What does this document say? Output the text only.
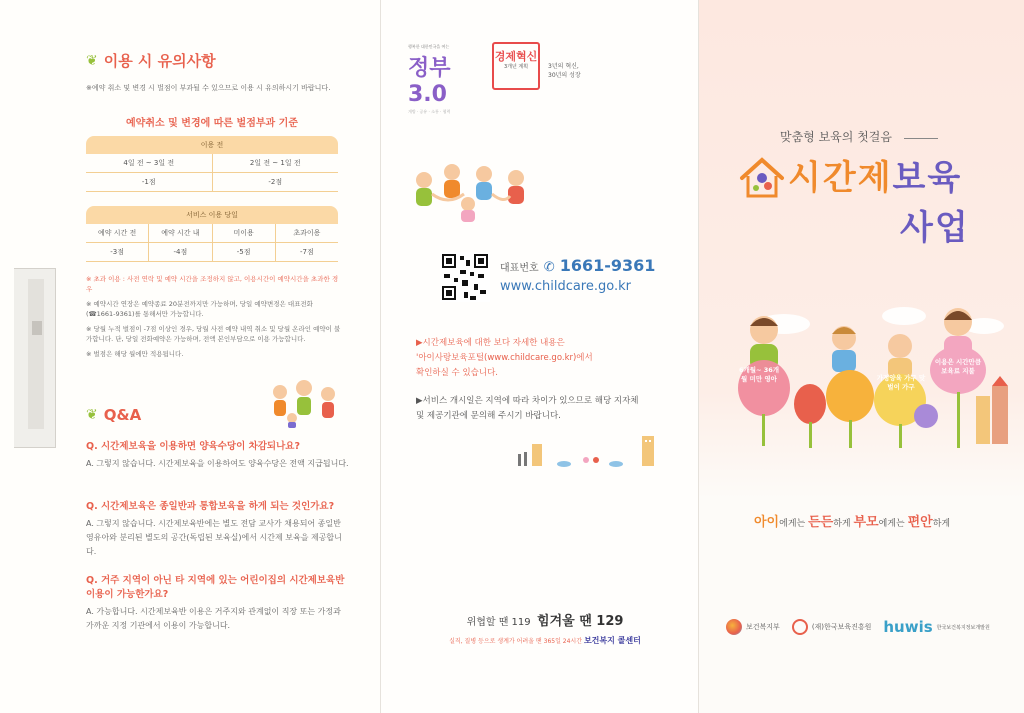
❦ 이용 시 유의사항
※예약 취소 및 변경 시 벌점이 부과될 수 있으므로 이용 시 유의하시기 바랍니다.
예약취소 및 변경에 따른 벌점부과 기준
이용 전
4일 전 ~ 3일 전	2일 전 ~ 1일 전
-1점	-2점
서비스 이용 당일
예약 시간 전	예약 시간 내	미이용	초과이용
-3점	-4점	-5점	-7점

※ 초과 이용 : 사전 연락 및 예약 시간을 조정하지 않고, 이용시간이 예약시간을 초과한 경우

※ 예약시간 연장은 예약종료 20분전까지만 가능하며, 당일 예약변경은 대표전화(☎1661-9361)를 통해서만 가능합니다.

※ 당월 누적 벌점이 -7점 이상인 경우, 당월 사전 예약 내역 취소 및 당월 온라인 예약이 불가합니다. 단, 당일 전화예약은 가능하며, 전액 본인부담으로 이용 가능합니다.

※ 벌점은 해당 월에만 적용됩니다.

❦ Q&A
Q. 시간제보육을 이용하면 양육수당이 차감되나요?
A. 그렇지 않습니다. 시간제보육을 이용하여도 양육수당은 전액 지급됩니다.
Q. 시간제보육은 종일반과 통합보육을 하게 되는 것인가요?
A. 그렇지 않습니다. 시간제보육반에는 별도 전담 교사가 채용되어 종일반 영유아와 분리된 별도의 공간(독립된 보육실)에서 시간제 보육을 제공합니다.
Q. 거주 지역이 아닌 타 지역에 있는 어린이집의 시간제보육반 이용이 가능한가요?
A. 가능합니다. 시간제보육반 이용은 거주지와 관계없이 직장 또는 가정과 가까운 지정 기관에서 이용이 가능합니다.
행복한 대한민국을 여는
정부 3.0
개방 · 공유 · 소통 · 협력
경제혁신
3개년 계획	3년의 혁신,
30년의 성장
대표번호 ✆ 1661-9361
www.childcare.go.kr
▶시간제보육에 대한 보다 자세한 내용은
'아이사랑보육포털(www.childcare.go.kr)에서
확인하실 수 있습니다.
▶서비스 개시일은 지역에 따라 차이가 있으므로 해당 지자체
및 제공기관에 문의해 주시기 바랍니다.
위협할 땐 119 힘겨울 땐 129
실직, 질병 등으로 생계가 어려울 땐 365일 24시간 보건복지 콜센터
맞춤형 보육의 첫걸음
시간제보육
사업
6개월~ 36개월 미만 영아	가정양육 가구 맞벌이 가구
이용은 시간만큼 보육료 지불
아이에게는 든든하게 부모에게는 편안하게
보건복지부	(재)한국보육진흥원 huwis 한국보건복지정보개발원
